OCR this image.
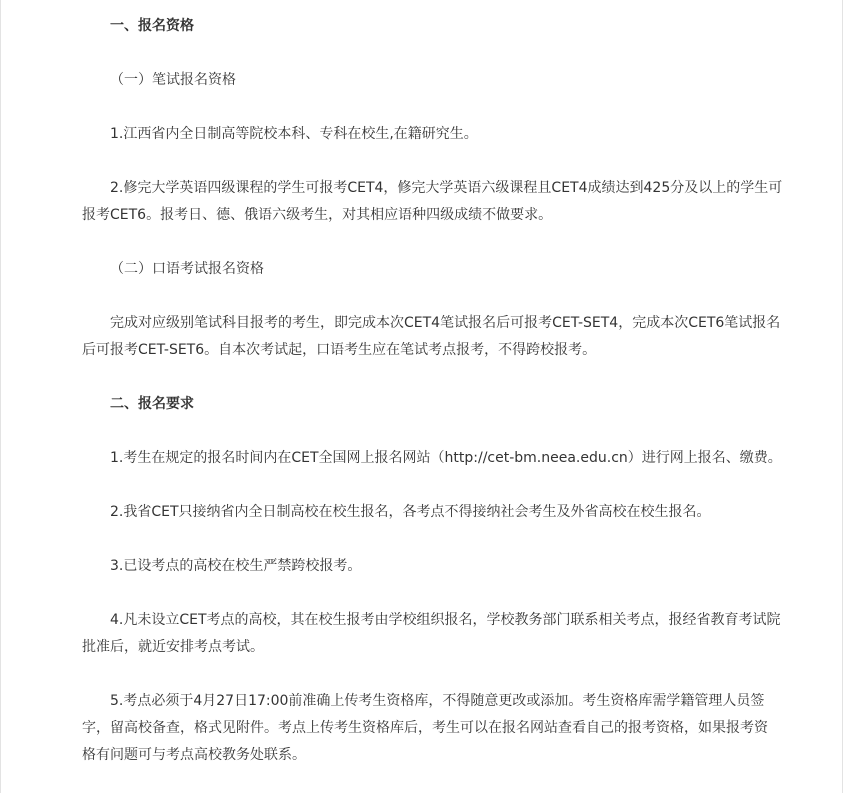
一、报名资格

（一）笔试报名资格

1.江西省内全日制高等院校本科、专科在校生,在籍研究生。

2.修完大学英语四级课程的学生可报考CET4，修完大学英语六级课程且CET4成绩达到425分及以上的学生可

报考CET6。报考日、德、俄语六级考生，对其相应语种四级成绩不做要求。

（二）口语考试报名资格

完成对应级别笔试科目报考的考生，即完成本次CET4笔试报名后可报考CET-SET4，完成本次CET6笔试报名

后可报考CET-SET6。自本次考试起，口语考生应在笔试考点报考，不得跨校报考。

二、报名要求

1.考生在规定的报名时间内在CET全国网上报名网站（http://cet-bm.neea.edu.cn）进行网上报名、缴费。

2.我省CET只接纳省内全日制高校在校生报名，各考点不得接纳社会考生及外省高校在校生报名。

3.已设考点的高校在校生严禁跨校报考。

4.凡未设立CET考点的高校，其在校生报考由学校组织报名，学校教务部门联系相关考点，报经省教育考试院

批准后，就近安排考点考试。

5.考点必须于4月27日17:00前准确上传考生资格库，不得随意更改或添加。考生资格库需学籍管理人员签

字，留高校备查，格式见附件。考点上传考生资格库后，考生可以在报名网站查看自己的报考资格，如果报考资

格有问题可与考点高校教务处联系。
